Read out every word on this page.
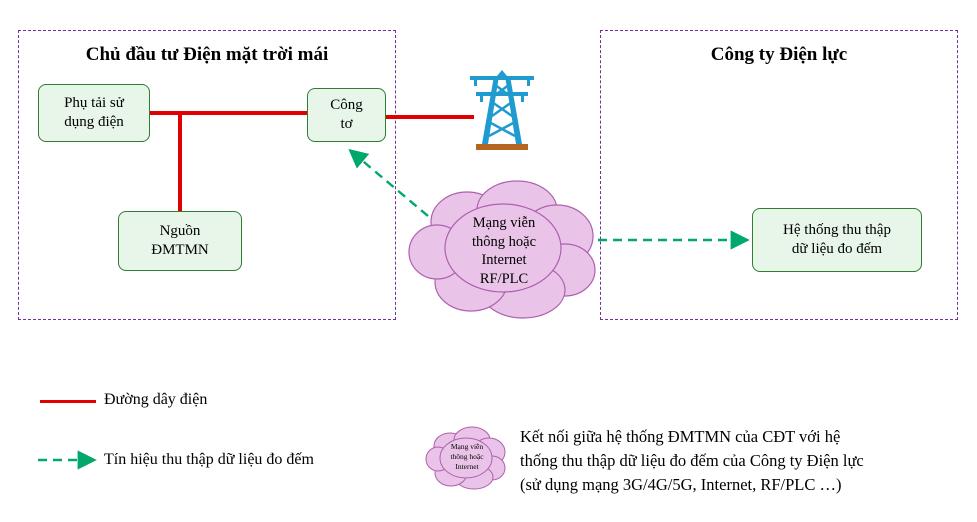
Chủ đầu tư Điện mặt trời mái	Công ty Điện lực
Phụ tải sử
dụng điện
Nguồn
ĐMTMN
Công
tơ
Hệ thống thu thập
dữ liệu đo đếm
Mạng viễn
thông hoặc
Internet
RF/PLC
Đường dây điện
Tín hiệu thu thập dữ liệu đo đếm
Mạng viễn
thông hoặc
Internet
Kết nối giữa hệ thống ĐMTMN của CĐT với hệ
thống thu thập dữ liệu đo đếm của Công ty Điện lực
(sử dụng mạng 3G/4G/5G, Internet, RF/PLC …)
